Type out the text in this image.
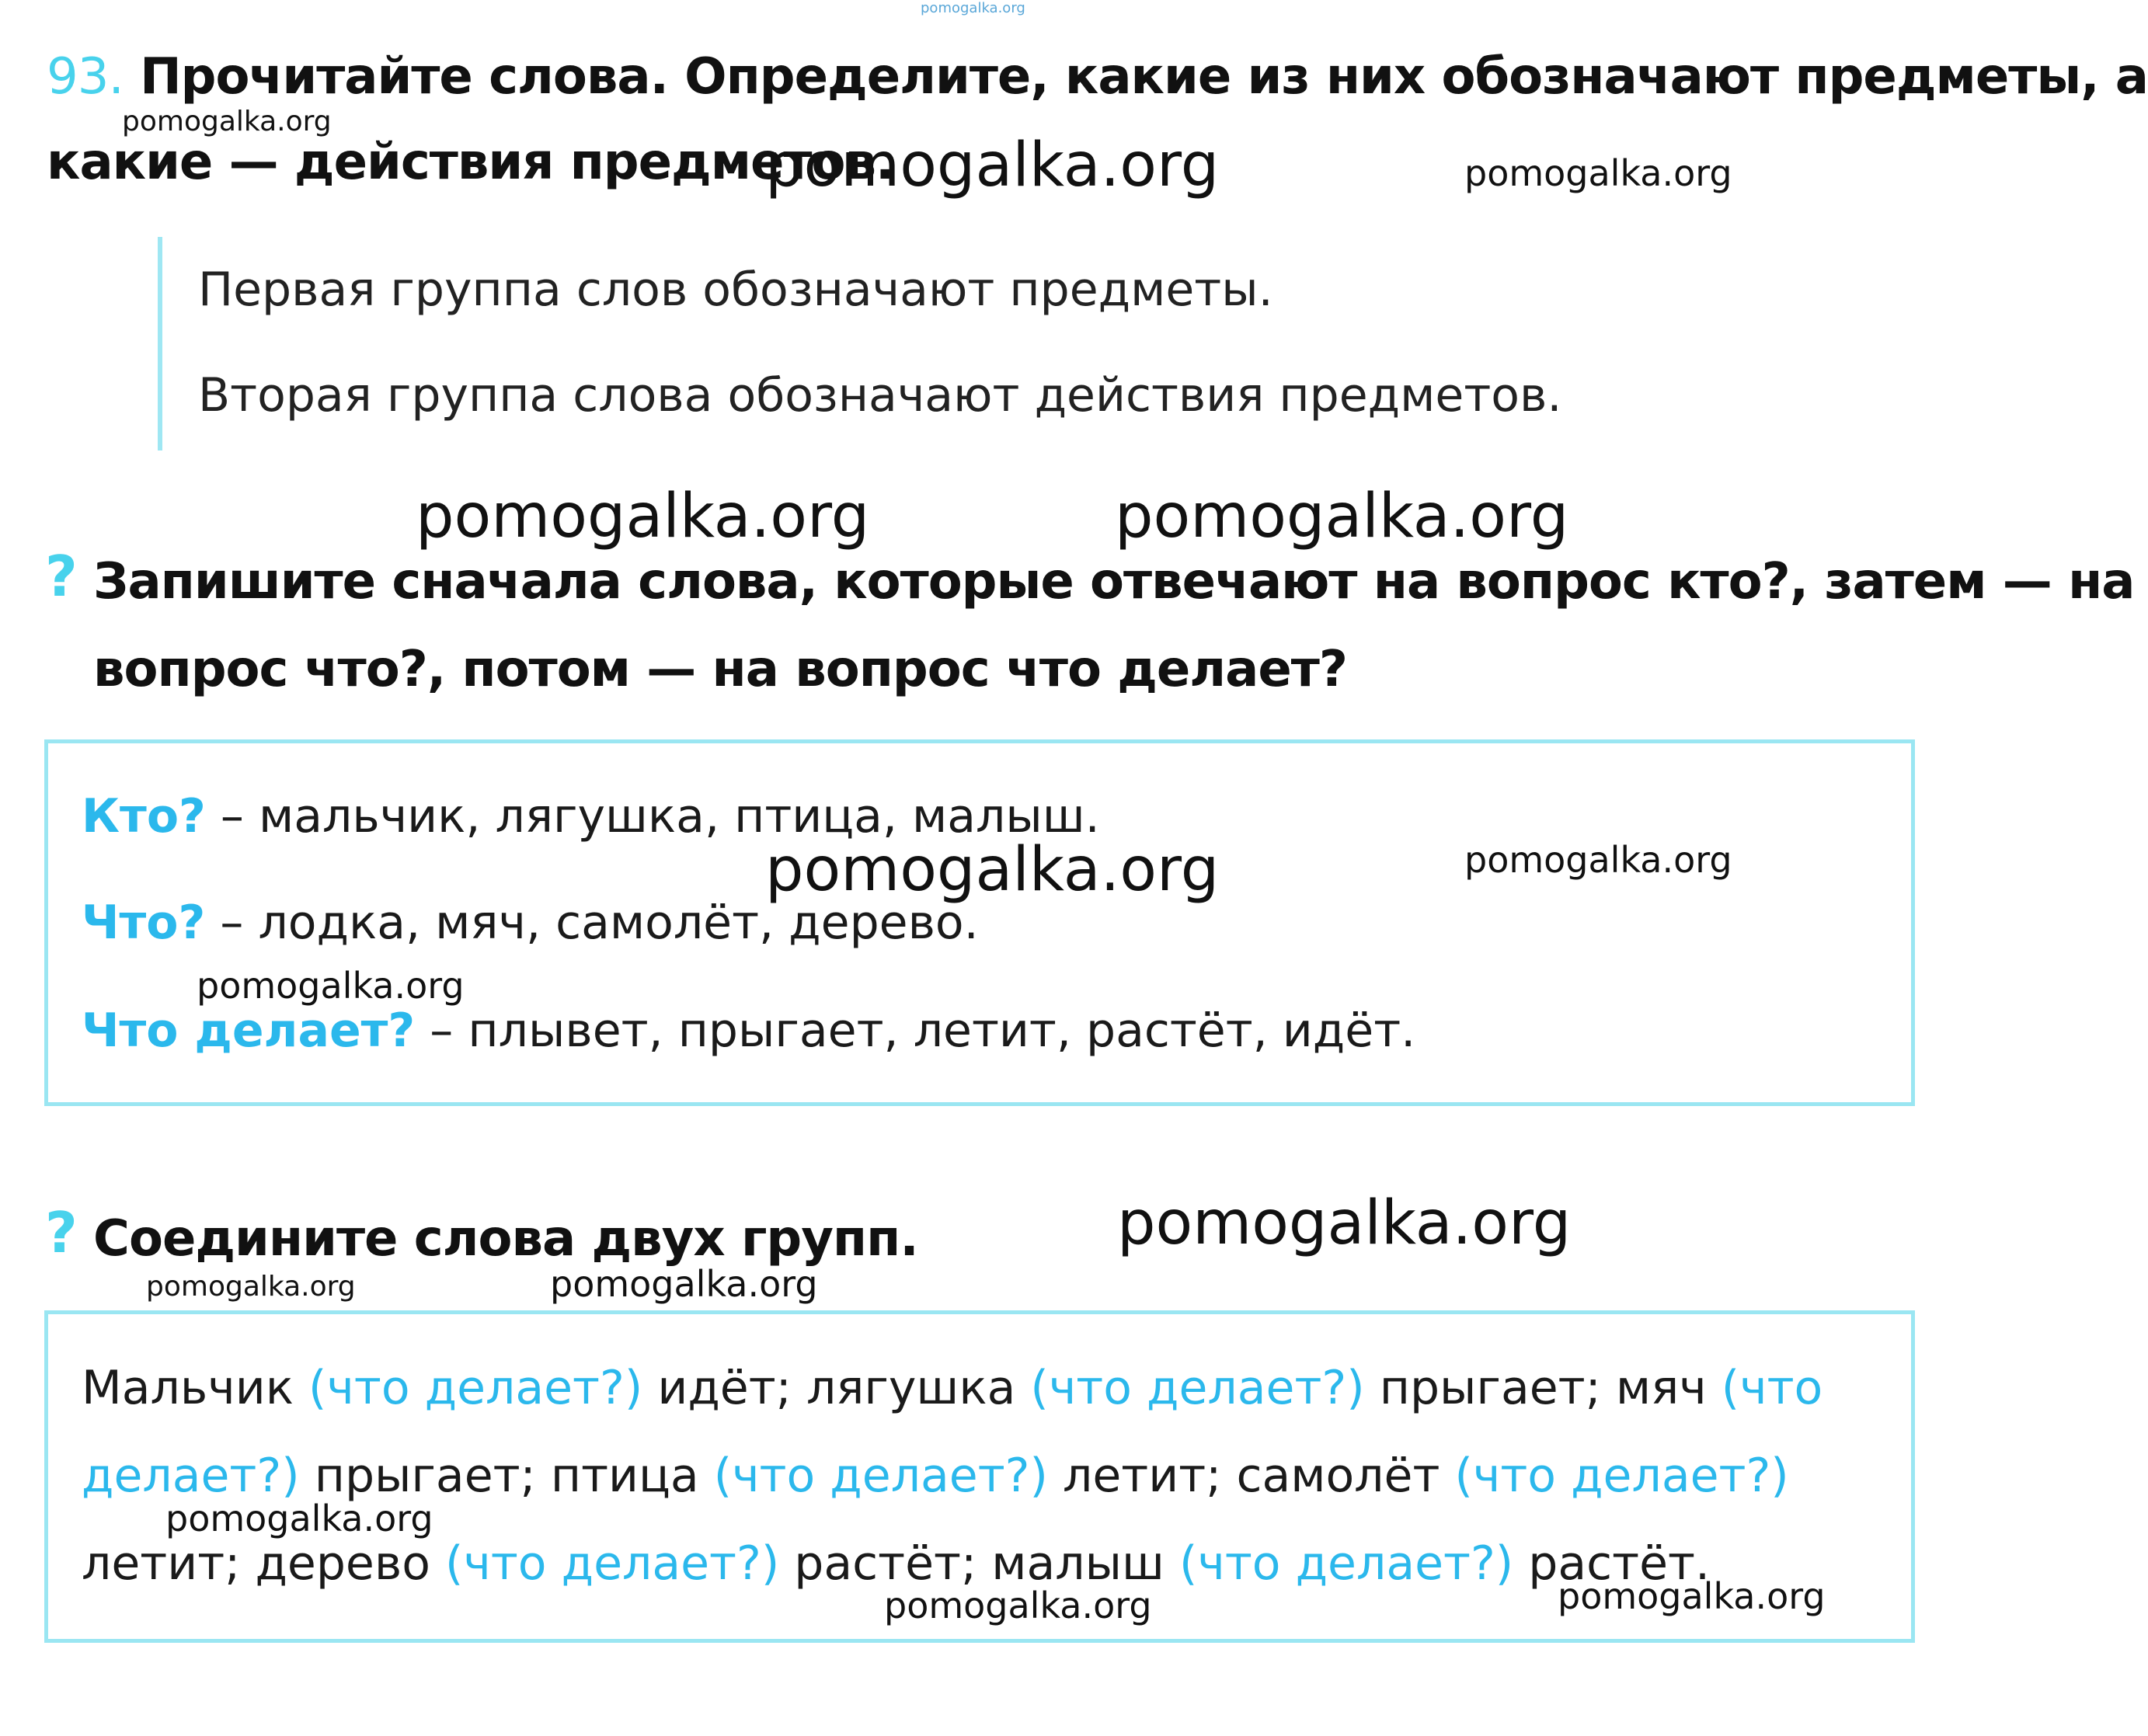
pomogalka.org
93. Прочитайте слова. Определите, какие из них обозначают предметы, а
какие — действия предметов.
Первая группа слов обозначают предметы.
Вторая группа слова обозначают действия предметов.
? Запишите сначала слова, которые отвечают на вопрос кто?, затем — на
вопрос что?, потом — на вопрос что делает?
Кто? – мальчик, лягушка, птица, малыш.
Что? – лодка, мяч, самолёт, дерево.
Что делает? – плывет, прыгает, летит, растёт, идёт.
? Соедините слова двух групп.
Мальчик (что делает?) идёт; лягушка (что делает?) прыгает; мяч (что
делает?) прыгает; птица (что делает?) летит; самолёт (что делает?)
летит; дерево (что делает?) растёт; малыш (что делает?) растёт.
pomogalka.org
pomogalka.org	pomogalka.org
pomogalka.org	pomogalka.org
pomogalka.org	pomogalka.org
pomogalka.org
pomogalka.org
pomogalka.org	pomogalka.org
pomogalka.org
pomogalka.org	pomogalka.org
